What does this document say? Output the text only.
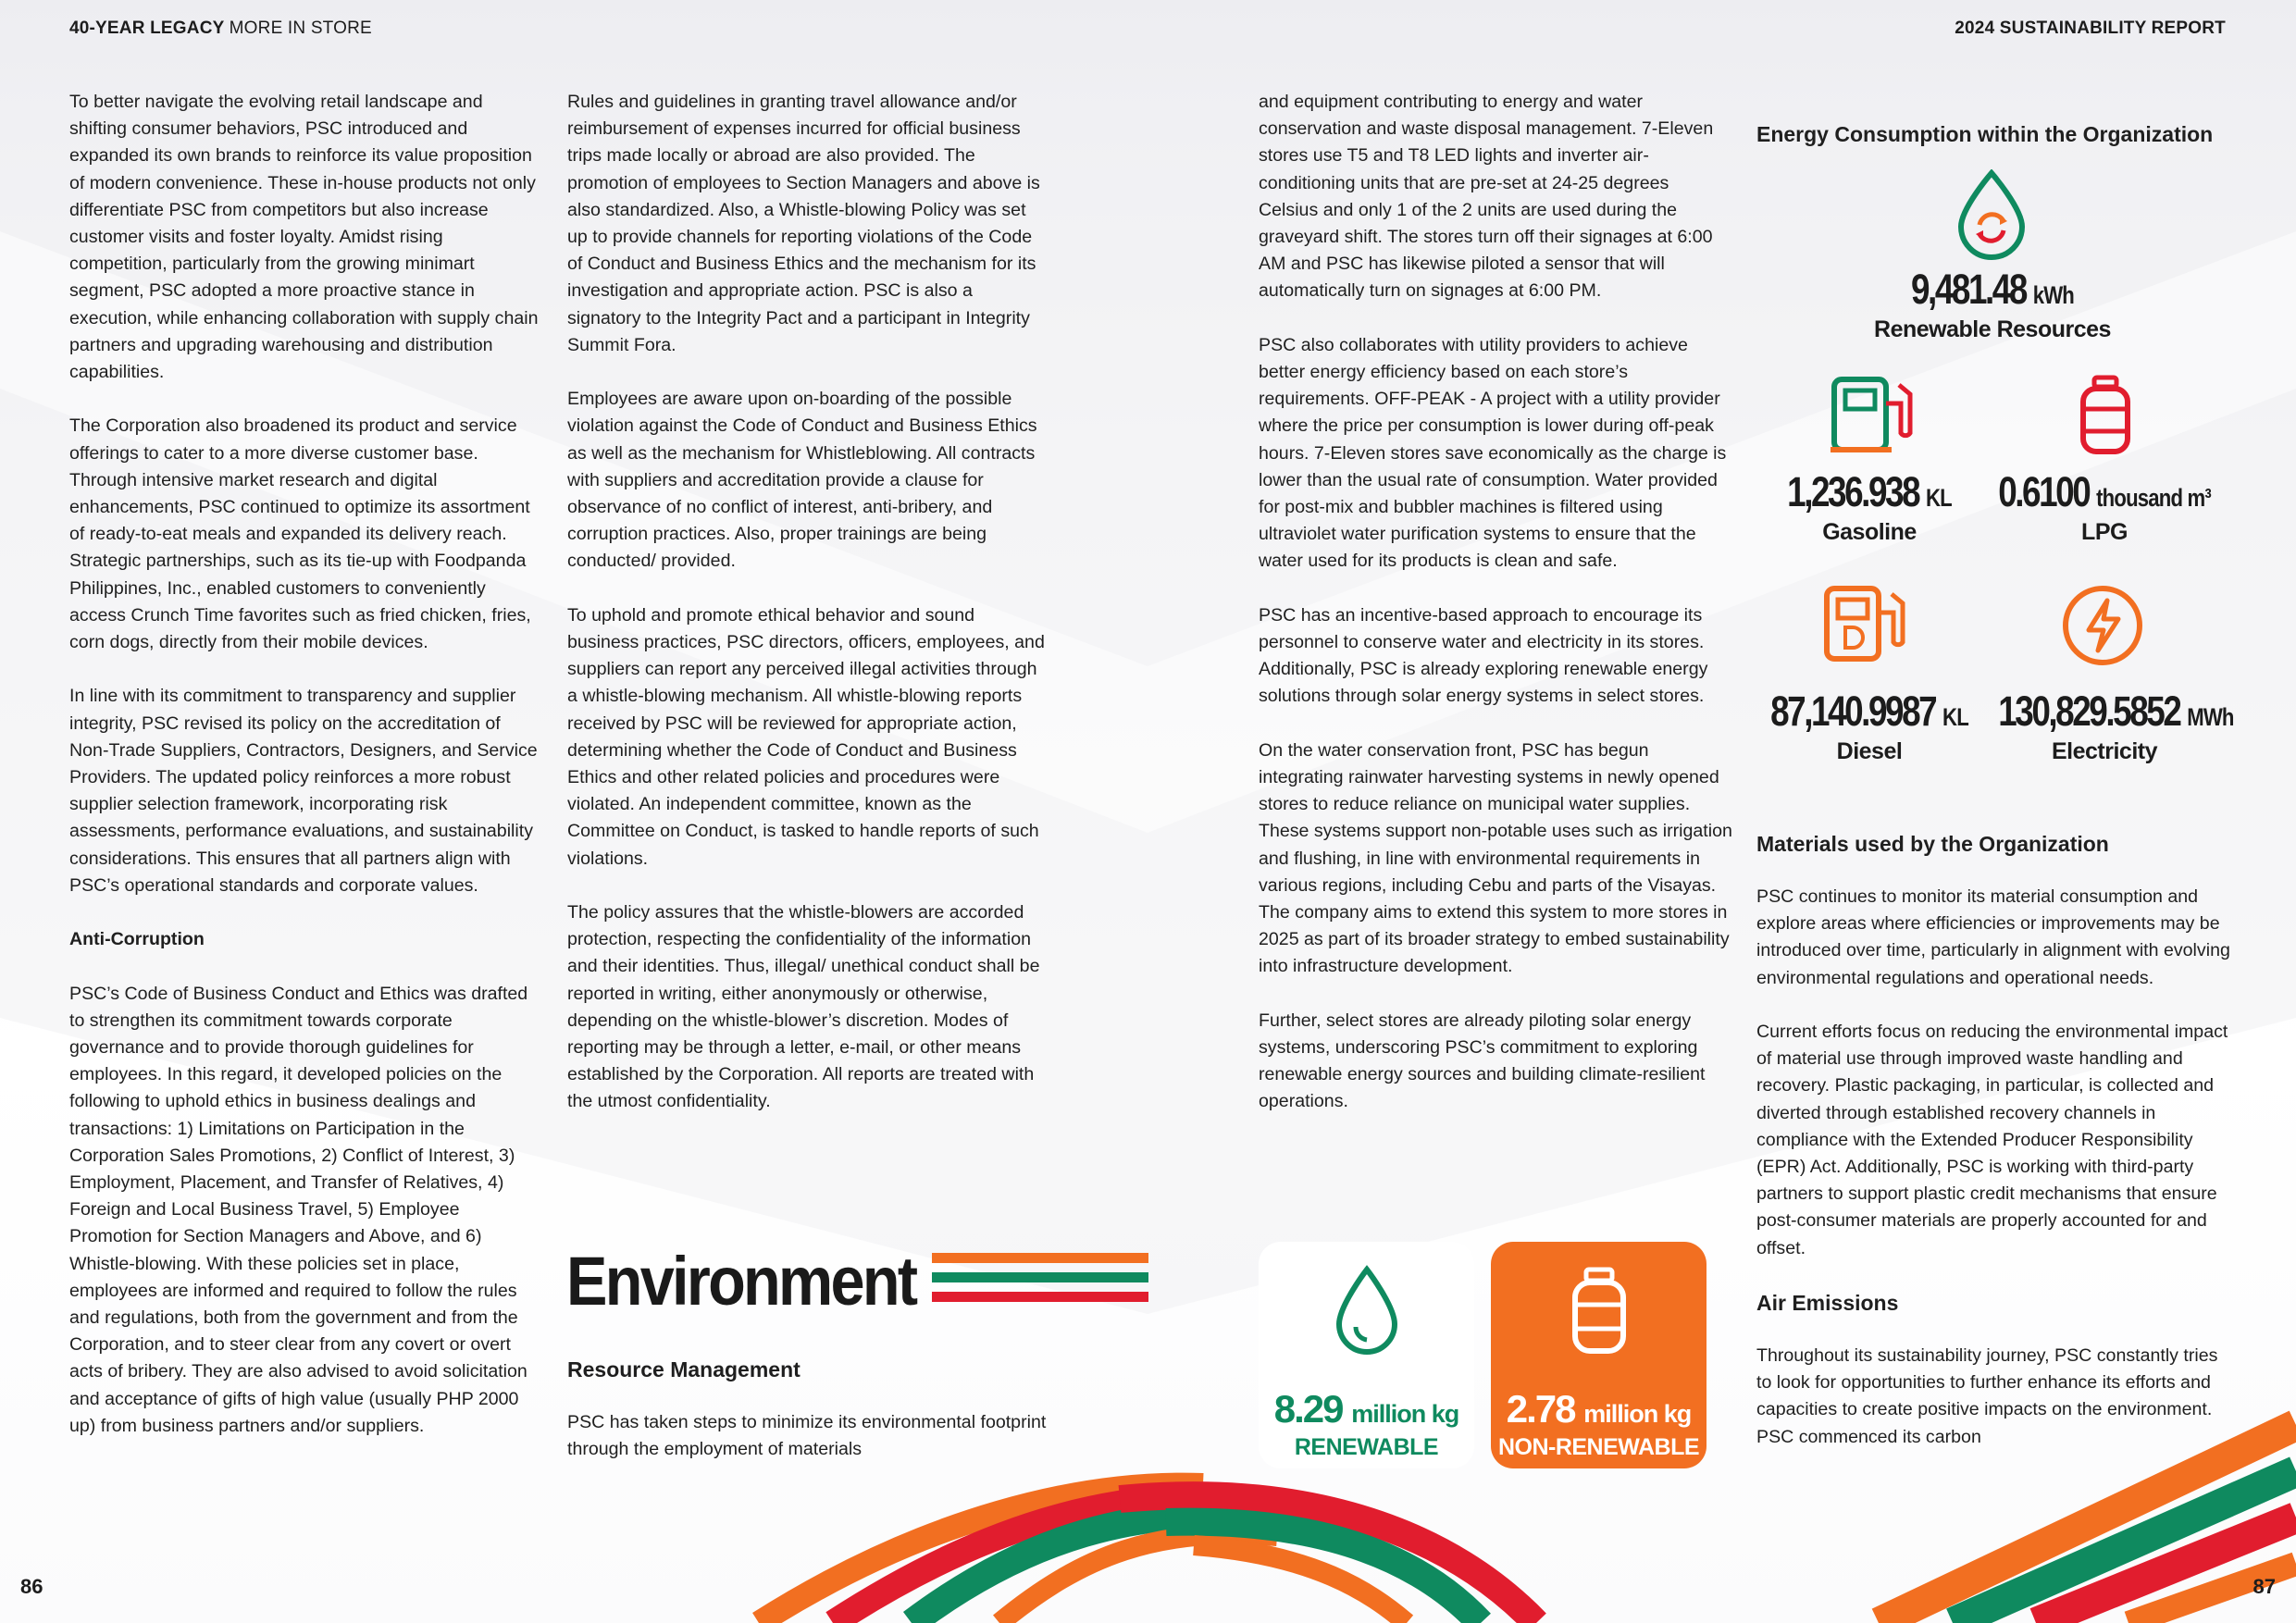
40-YEAR LEGACY MORE IN STORE	2024 SUSTAINABILITY REPORT

To better navigate the evolving retail landscape and shifting consumer behaviors, PSC introduced and expanded its own brands to reinforce its value proposition of modern convenience. These in-house products not only differentiate PSC from competitors but also increase customer visits and foster loyalty. Amidst rising competition, particularly from the growing minimart segment, PSC adopted a more proactive stance in execution, while enhancing collaboration with supply chain partners and upgrading warehousing and distribution capabilities.

The Corporation also broadened its product and service offerings to cater to a more diverse customer base. Through intensive market research and digital enhancements, PSC continued to optimize its assortment of ready-to-eat meals and expanded its delivery reach. Strategic partnerships, such as its tie-up with Foodpanda Philippines, Inc., enabled customers to conveniently access Crunch Time favorites such as fried chicken, fries, corn dogs, directly from their mobile devices.

In line with its commitment to transparency and supplier integrity, PSC revised its policy on the accreditation of Non-Trade Suppliers, Contractors, Designers, and Service Providers. The updated policy reinforces a more robust supplier selection framework, incorporating risk assessments, performance evaluations, and sustainability considerations. This ensures that all partners align with PSC’s operational standards and corporate values.

Anti-Corruption

PSC’s Code of Business Conduct and Ethics was drafted to strengthen its commitment towards corporate governance and to provide thorough guidelines for employees. In this regard, it developed policies on the following to uphold ethics in business dealings and transactions: 1) Limitations on Participation in the Corporation Sales Promotions, 2) Conflict of Interest, 3) Employment, Placement, and Transfer of Relatives, 4) Foreign and Local Business Travel, 5) Employee Promotion for Section Managers and Above, and 6) Whistle-blowing. With these policies set in place, employees are informed and required to follow the rules and regulations, both from the government and from the Corporation, and to steer clear from any covert or overt acts of bribery. They are also advised to avoid solicitation and acceptance of gifts of high value (usually PHP 2000 up) from business partners and/or suppliers.

Rules and guidelines in granting travel allowance and/or reimbursement of expenses incurred for official business trips made locally or abroad are also provided. The promotion of employees to Section Managers and above is also standardized. Also, a Whistle-blowing Policy was set up to provide channels for reporting violations of the Code of Conduct and Business Ethics and the mechanism for its investigation and appropriate action. PSC is also a signatory to the Integrity Pact and a participant in Integrity Summit Fora.

Employees are aware upon on-boarding of the possible violation against the Code of Conduct and Business Ethics as well as the mechanism for Whistleblowing. All contracts with suppliers and accreditation provide a clause for observance of no conflict of interest, anti-bribery, and corruption practices. Also, proper trainings are being conducted/ provided.

To uphold and promote ethical behavior and sound business practices, PSC directors, officers, employees, and suppliers can report any perceived illegal activities through a whistle-blowing mechanism. All whistle-blowing reports received by PSC will be reviewed for appropriate action, determining whether the Code of Conduct and Business Ethics and other related policies and procedures were violated. An independent committee, known as the Committee on Conduct, is tasked to handle reports of such violations.

The policy assures that the whistle-blowers are accorded protection, respecting the confidentiality of the information and their identities. Thus, illegal/ unethical conduct shall be reported in writing, either anonymously or otherwise, depending on the whistle-blower’s discretion. Modes of reporting may be through a letter, e-mail, or other means established by the Corporation. All reports are treated with the utmost confidentiality.

Environment
Resource Management

PSC has taken steps to minimize its environmental footprint through the employment of materials

and equipment contributing to energy and water conservation and waste disposal management. 7-Eleven stores use T5 and T8 LED lights and inverter air-conditioning units that are pre-set at 24-25 degrees Celsius and only 1 of the 2 units are used during the graveyard shift. The stores turn off their signages at 6:00 AM and PSC has likewise piloted a sensor that will automatically turn on signages at 6:00 PM.

PSC also collaborates with utility providers to achieve better energy efficiency based on each store’s requirements. OFF-PEAK - A project with a utility provider where the price per consumption is lower during off-peak hours. 7-Eleven stores save economically as the charge is lower than the usual rate of consumption. Water provided for post-mix and bubbler machines is filtered using ultraviolet water purification systems to ensure that the water used for its products is clean and safe.

PSC has an incentive-based approach to encourage its personnel to conserve water and electricity in its stores. Additionally, PSC is already exploring renewable energy solutions through solar energy systems in select stores.

On the water conservation front, PSC has begun integrating rainwater harvesting systems in newly opened stores to reduce reliance on municipal water supplies. These systems support non-potable uses such as irrigation and flushing, in line with environmental requirements in various regions, including Cebu and parts of the Visayas. The company aims to extend this system to more stores in 2025 as part of its broader strategy to embed sustainability into infrastructure development.

Further, select stores are already piloting solar energy systems, underscoring PSC’s commitment to exploring renewable energy sources and building climate-resilient operations.

8.29 million kg
RENEWABLE
2.78 million kg
NON-RENEWABLE
Energy Consumption within the Organization
9,481.48 kWh
Renewable Resources
1,236.938 KL
Gasoline
0.6100 thousand m³
LPG
87,140.9987 KL
Diesel
130,829.5852 MWh
Electricity
Materials used by the Organization

PSC continues to monitor its material consumption and explore areas where efficiencies or improvements may be introduced over time, particularly in alignment with evolving environmental regulations and operational needs.

Current efforts focus on reducing the environmental impact of material use through improved waste handling and recovery. Plastic packaging, in particular, is collected and diverted through established recovery channels in compliance with the Extended Producer Responsibility (EPR) Act. Additionally, PSC is working with third-party partners to support plastic credit mechanisms that ensure post-consumer materials are properly accounted for and offset.

Air Emissions

Throughout its sustainability journey, PSC constantly tries to look for opportunities to further enhance its efforts and capacities to create positive impacts on the environment. PSC commenced its carbon

86	87
